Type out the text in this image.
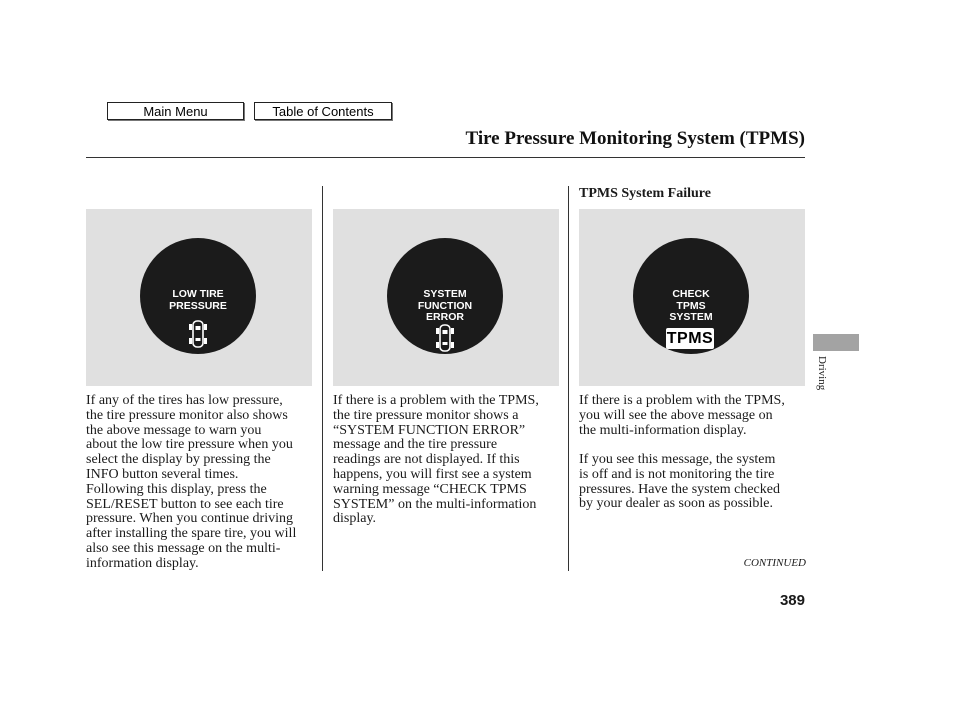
Main Menu	Table of Contents
Tire Pressure Monitoring System (TPMS)
TPMS System Failure
LOW TIRE
PRESSURE
SYSTEM
FUNCTION
ERROR
CHECK
TPMS
SYSTEM
TPMS
If any of the tires has low pressure,
the tire pressure monitor also shows
the above message to warn you
about the low tire pressure when you
select the display by pressing the
INFO button several times.
Following this display, press the
SEL/RESET button to see each tire
pressure. When you continue driving
after installing the spare tire, you will
also see this message on the multi-
information display.
If there is a problem with the TPMS,
the tire pressure monitor shows a
“SYSTEM FUNCTION ERROR”
message and the tire pressure
readings are not displayed. If this
happens, you will first see a system
warning message “CHECK TPMS
SYSTEM” on the multi-information
display.
If there is a problem with the TPMS,
you will see the above message on
the multi-information display.
If you see this message, the system
is off and is not monitoring the tire
pressures. Have the system checked
by your dealer as soon as possible.
CONTINUED
389
Driving
